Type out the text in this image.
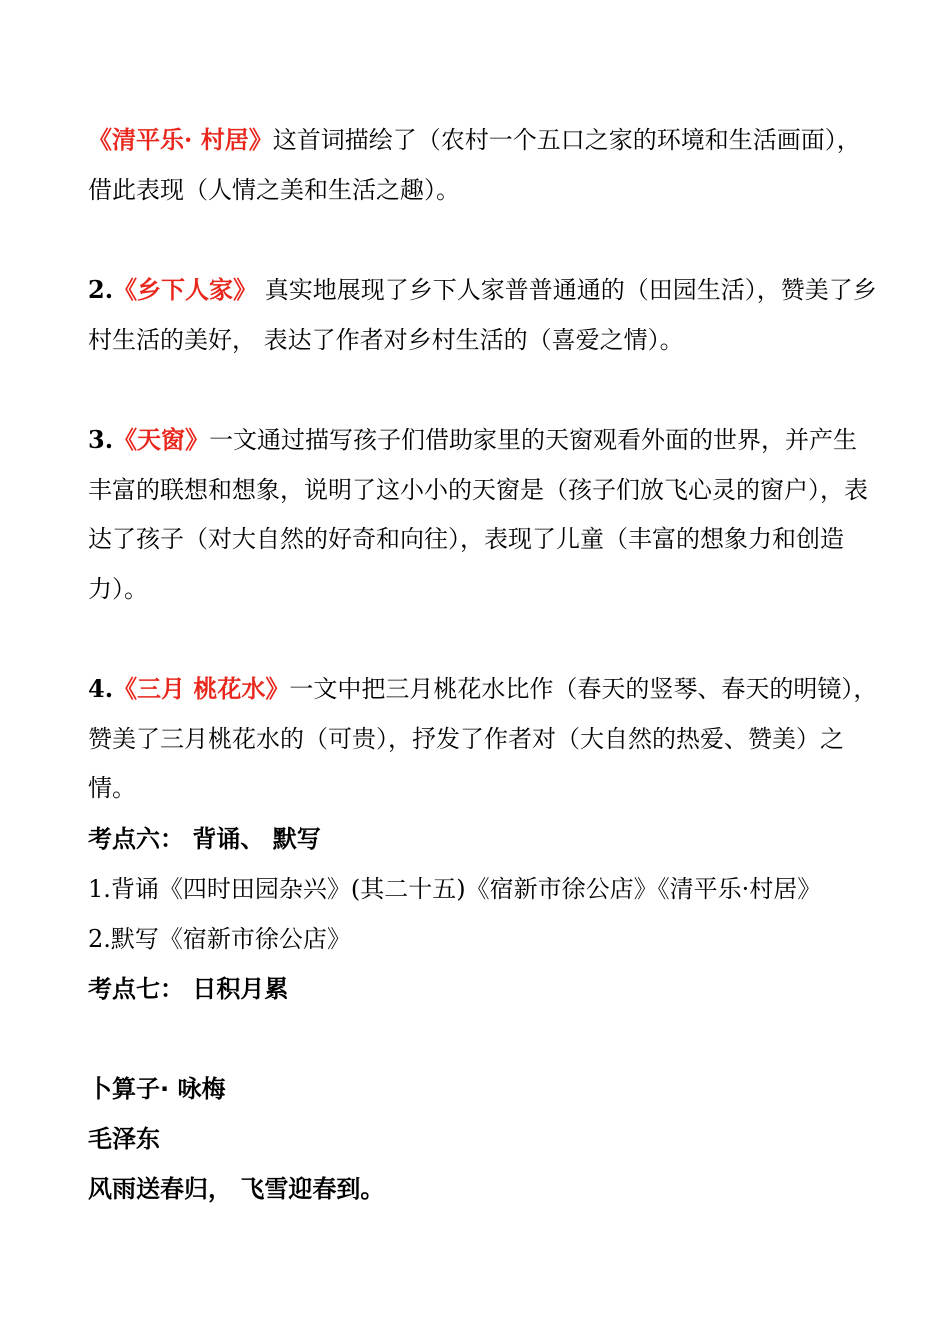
《清平乐· 村居》这首词描绘了（农村一个五口之家的环境和生活画面），借此表现（人情之美和生活之趣）。

2.《乡下人家》 真实地展现了乡下人家普普通通的（田园生活），赞美了乡村生活的美好， 表达了作者对乡村生活的（喜爱之情）。

3.《天窗》一文通过描写孩子们借助家里的天窗观看外面的世界，并产生丰富的联想和想象，说明了这小小的天窗是（孩子们放飞心灵的窗户），表达了孩子（对大自然的好奇和向往），表现了儿童（丰富的想象力和创造力）。

4.《三月 桃花水》一文中把三月桃花水比作（春天的竖琴、春天的明镜），赞美了三月桃花水的（可贵），抒发了作者对（大自然的热爱、赞美）之情。

考点六： 背诵、 默写

1.背诵《四时田园杂兴》(其二十五)《宿新市徐公店》《清平乐·村居》

2.默写《宿新市徐公店》

考点七： 日积月累

卜算子· 咏梅

毛泽东

风雨送春归， 飞雪迎春到。
